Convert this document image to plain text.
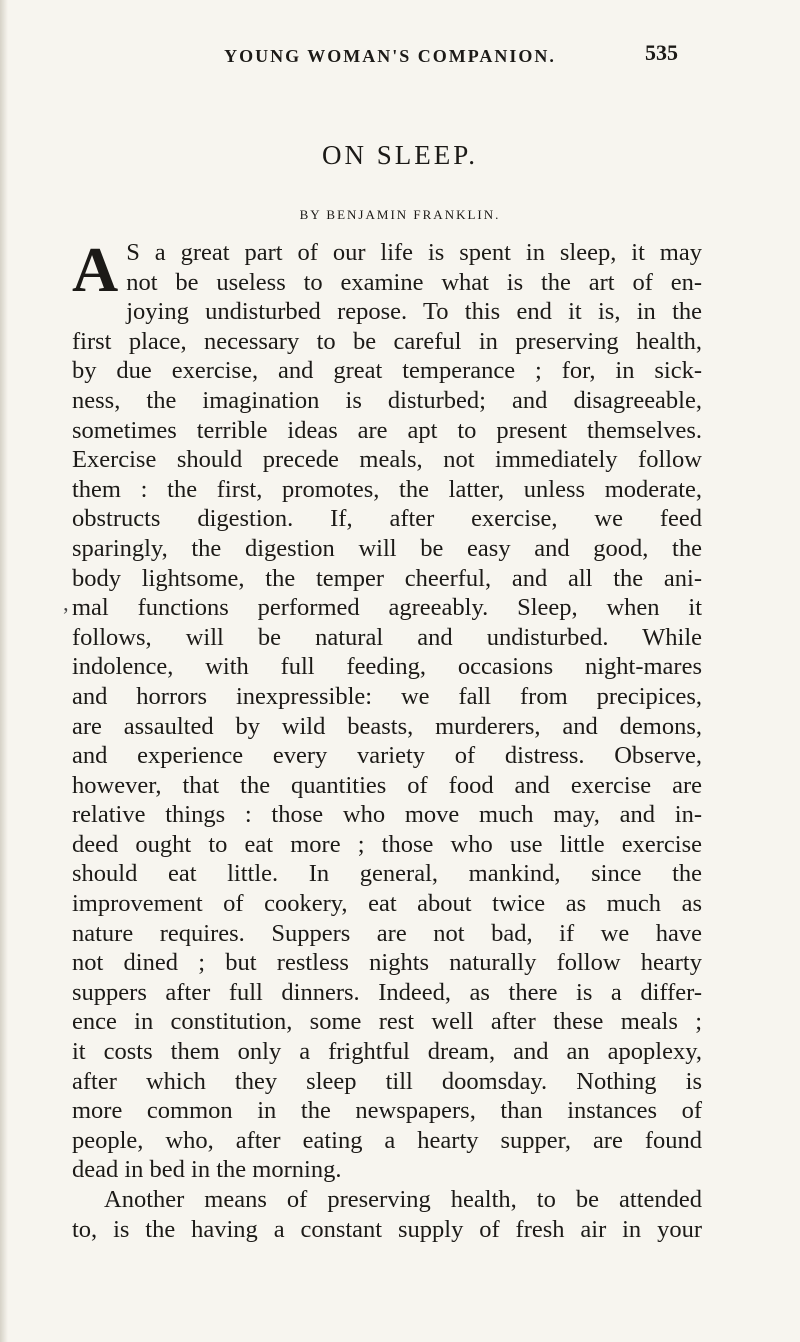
YOUNG WOMAN'S COMPANION.	535
ON SLEEP.
BY BENJAMIN FRANKLIN.
ʼ
A S a great part of our life is spent in sleep, it may
not be useless to examine what is the art of en-
joying undisturbed repose. To this end it is, in the
first place, necessary to be careful in preserving health,
by due exercise, and great temperance ; for, in sick-
ness, the imagination is disturbed; and disagreeable,
sometimes terrible ideas are apt to present themselves.
Exercise should precede meals, not immediately follow
them : the first, promotes, the latter, unless moderate,
obstructs digestion. If, after exercise, we feed
sparingly, the digestion will be easy and good, the
body lightsome, the temper cheerful, and all the ani-
mal functions performed agreeably. Sleep, when it
follows, will be natural and undisturbed. While
indolence, with full feeding, occasions night-mares
and horrors inexpressible: we fall from precipices,
are assaulted by wild beasts, murderers, and demons,
and experience every variety of distress. Observe,
however, that the quantities of food and exercise are
relative things : those who move much may, and in-
deed ought to eat more ; those who use little exercise
should eat little. In general, mankind, since the
improvement of cookery, eat about twice as much as
nature requires. Suppers are not bad, if we have
not dined ; but restless nights naturally follow hearty
suppers after full dinners. Indeed, as there is a differ-
ence in constitution, some rest well after these meals ;
it costs them only a frightful dream, and an apoplexy,
after which they sleep till doomsday. Nothing is
more common in the newspapers, than instances of
people, who, after eating a hearty supper, are found
dead in bed in the morning.
Another means of preserving health, to be attended
to, is the having a constant supply of fresh air in your
